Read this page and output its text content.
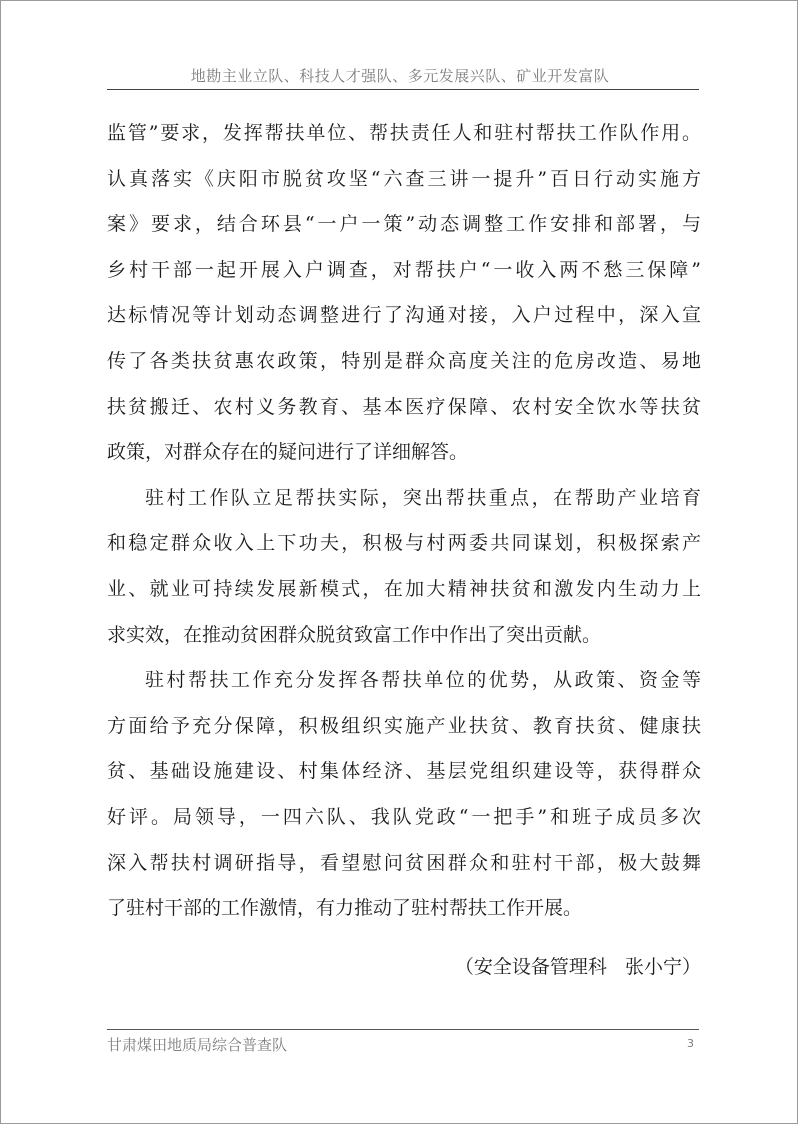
地勘主业立队、科技人才强队、多元发展兴队、矿业开发富队
监管”要求，发挥帮扶单位、帮扶责任人和驻村帮扶工作队作用。
认真落实《庆阳市脱贫攻坚“六查三讲一提升”百日行动实施方
案》要求，结合环县“一户一策”动态调整工作安排和部署，与
乡村干部一起开展入户调查，对帮扶户“一收入两不愁三保障”
达标情况等计划动态调整进行了沟通对接，入户过程中，深入宣
传了各类扶贫惠农政策，特别是群众高度关注的危房改造、易地
扶贫搬迁、农村义务教育、基本医疗保障、农村安全饮水等扶贫
政策，对群众存在的疑问进行了详细解答。
驻村工作队立足帮扶实际，突出帮扶重点，在帮助产业培育
和稳定群众收入上下功夫，积极与村两委共同谋划，积极探索产
业、就业可持续发展新模式，在加大精神扶贫和激发内生动力上
求实效，在推动贫困群众脱贫致富工作中作出了突出贡献。
驻村帮扶工作充分发挥各帮扶单位的优势，从政策、资金等
方面给予充分保障，积极组织实施产业扶贫、教育扶贫、健康扶
贫、基础设施建设、村集体经济、基层党组织建设等，获得群众
好评。局领导，一四六队、我队党政“一把手”和班子成员多次
深入帮扶村调研指导，看望慰问贫困群众和驻村干部，极大鼓舞
了驻村干部的工作激情，有力推动了驻村帮扶工作开展。
（安全设备管理科   张小宁）
甘肃煤田地质局综合普查队	3
